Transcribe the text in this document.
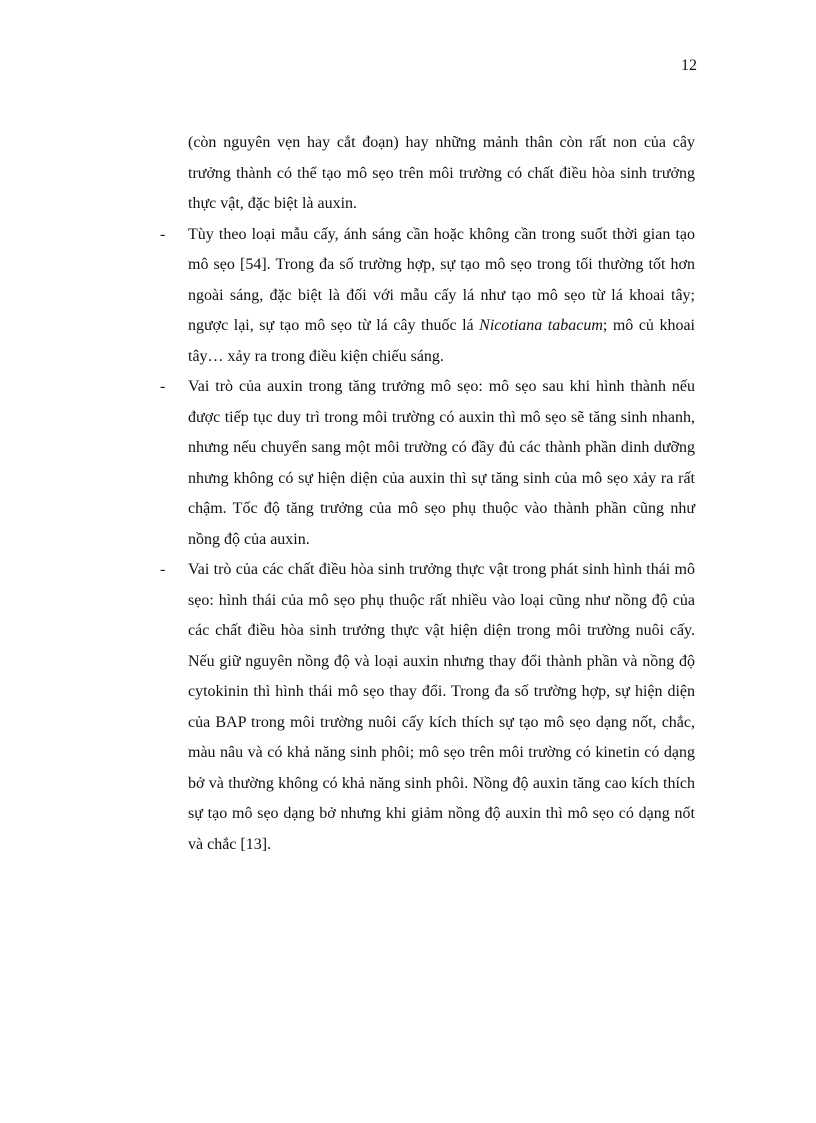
12

(còn nguyên vẹn hay cắt đoạn) hay những mảnh thân còn rất non của cây trưởng thành có thể tạo mô sẹo trên môi trường có chất điều hòa sinh trưởng thực vật, đặc biệt là auxin.

- Tùy theo loại mẫu cấy, ánh sáng cần hoặc không cần trong suốt thời gian tạo mô sẹo [54]. Trong đa số trường hợp, sự tạo mô sẹo trong tối thường tốt hơn ngoài sáng, đặc biệt là đối với mẫu cấy lá như tạo mô sẹo từ lá khoai tây; ngược lại, sự tạo mô sẹo từ lá cây thuốc lá Nicotiana tabacum; mô củ khoai tây… xảy ra trong điều kiện chiếu sáng.

- Vai trò của auxin trong tăng trưởng mô sẹo: mô sẹo sau khi hình thành nếu được tiếp tục duy trì trong môi trường có auxin thì mô sẹo sẽ tăng sinh nhanh, nhưng nếu chuyển sang một môi trường có đầy đủ các thành phần dinh dưỡng nhưng không có sự hiện diện của auxin thì sự tăng sinh của mô sẹo xảy ra rất chậm. Tốc độ tăng trưởng của mô sẹo phụ thuộc vào thành phần cũng như nồng độ của auxin.

- Vai trò của các chất điều hòa sinh trưởng thực vật trong phát sinh hình thái mô sẹo: hình thái của mô sẹo phụ thuộc rất nhiều vào loại cũng như nồng độ của các chất điều hòa sinh trưởng thực vật hiện diện trong môi trường nuôi cấy. Nếu giữ nguyên nồng độ và loại auxin nhưng thay đổi thành phần và nồng độ cytokinin thì hình thái mô sẹo thay đổi. Trong đa số trường hợp, sự hiện diện của BAP trong môi trường nuôi cấy kích thích sự tạo mô sẹo dạng nốt, chắc, màu nâu và có khả năng sinh phôi; mô sẹo trên môi trường có kinetin có dạng bở và thường không có khả năng sinh phôi. Nồng độ auxin tăng cao kích thích sự tạo mô sẹo dạng bở nhưng khi giảm nồng độ auxin thì mô sẹo có dạng nốt và chắc [13].
